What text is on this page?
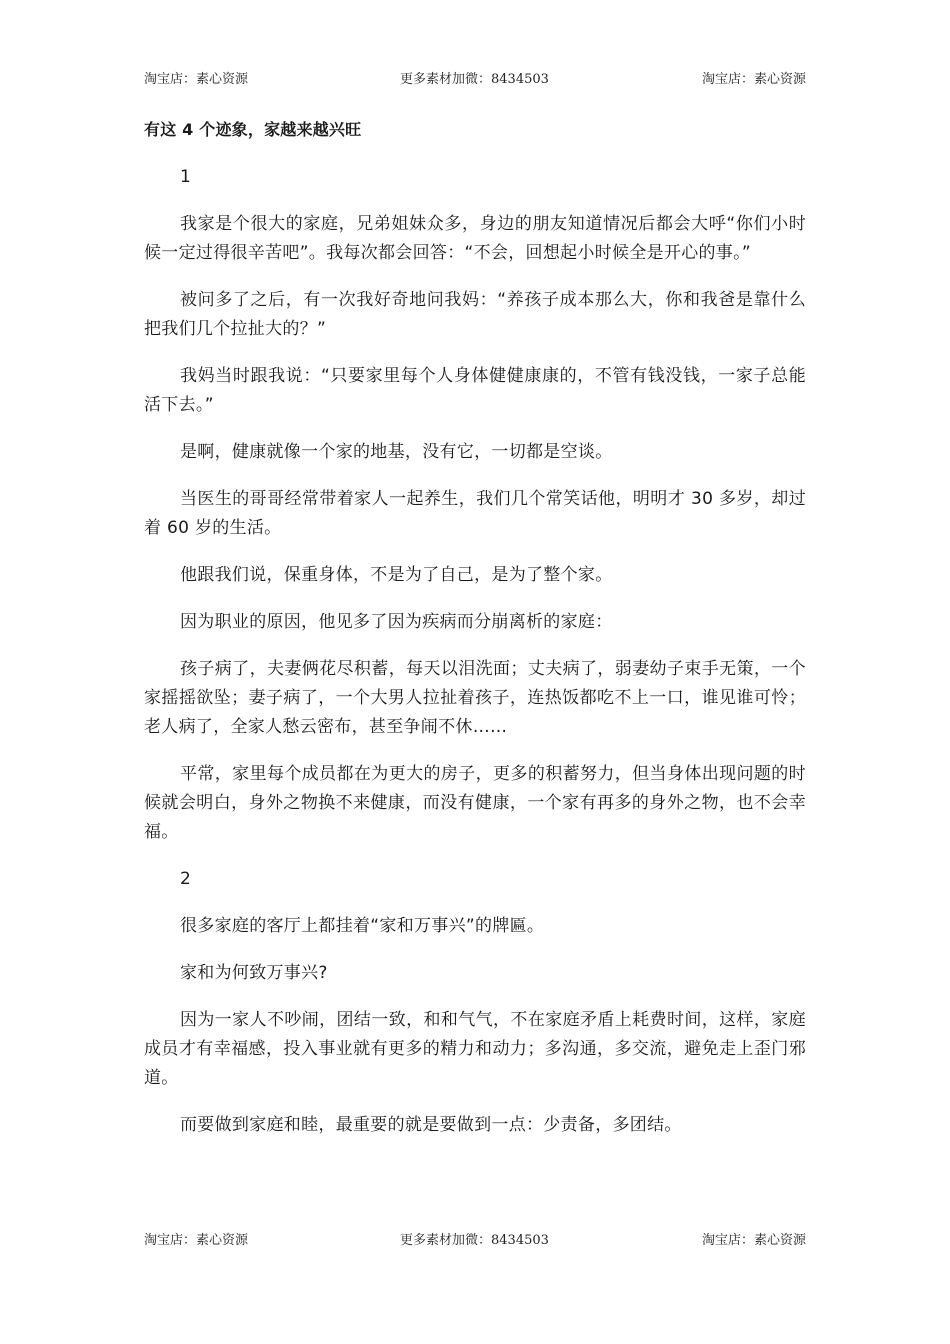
淘宝店：素心资源	更多素材加微：8434503	淘宝店：素心资源
有这 4 个迹象，家越来越兴旺
1
我家是个很大的家庭，兄弟姐妹众多，身边的朋友知道情况后都会大呼“你们小时候一定过得很辛苦吧”。我每次都会回答：“不会，回想起小时候全是开心的事。”
被问多了之后，有一次我好奇地问我妈：“养孩子成本那么大，你和我爸是靠什么把我们几个拉扯大的？”
我妈当时跟我说：“只要家里每个人身体健健康康的，不管有钱没钱，一家子总能活下去。”
是啊，健康就像一个家的地基，没有它，一切都是空谈。
当医生的哥哥经常带着家人一起养生，我们几个常笑话他，明明才 30 多岁，却过着 60 岁的生活。
他跟我们说，保重身体，不是为了自己，是为了整个家。
因为职业的原因，他见多了因为疾病而分崩离析的家庭：
孩子病了，夫妻俩花尽积蓄，每天以泪洗面；丈夫病了，弱妻幼子束手无策，一个家摇摇欲坠；妻子病了，一个大男人拉扯着孩子，连热饭都吃不上一口，谁见谁可怜；老人病了，全家人愁云密布，甚至争闹不休……
平常，家里每个成员都在为更大的房子，更多的积蓄努力，但当身体出现问题的时候就会明白，身外之物换不来健康，而没有健康，一个家有再多的身外之物，也不会幸福。
2
很多家庭的客厅上都挂着“家和万事兴”的牌匾。
家和为何致万事兴?
因为一家人不吵闹，团结一致，和和气气，不在家庭矛盾上耗费时间，这样，家庭成员才有幸福感，投入事业就有更多的精力和动力；多沟通，多交流，避免走上歪门邪道。
而要做到家庭和睦，最重要的就是要做到一点：少责备，多团结。
淘宝店：素心资源	更多素材加微：8434503	淘宝店：素心资源
